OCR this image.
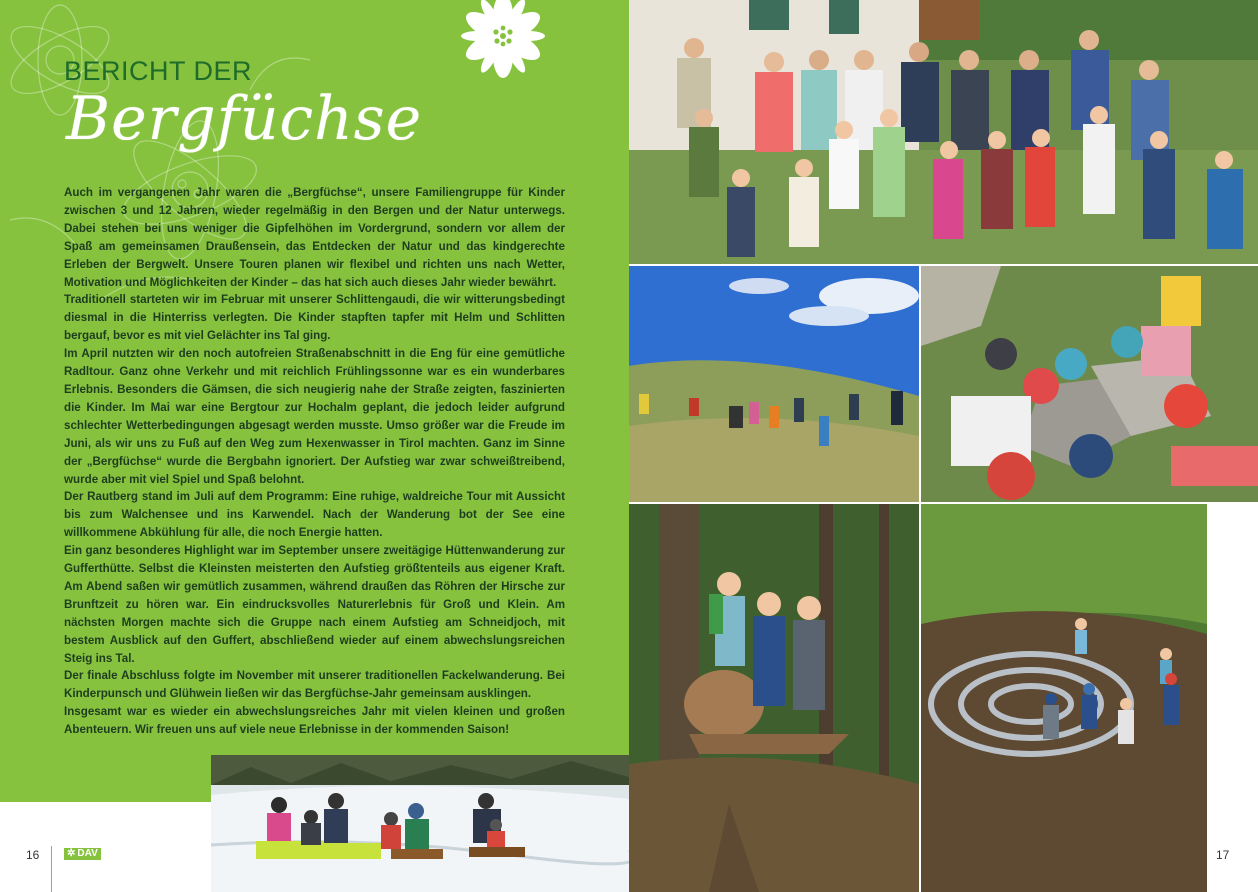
BERICHT DER
Bergfüchse

Auch im vergangenen Jahr waren die „Bergfüchse“, unsere Familiengruppe für Kinder zwischen 3 und 12 Jahren, wieder regelmäßig in den Bergen und der Natur unterwegs. Dabei stehen bei uns weniger die Gipfelhöhen im Vordergrund, sondern vor allem der Spaß am gemeinsamen Draußensein, das Entdecken der Natur und das kindgerechte Erleben der Bergwelt. Unsere Touren planen wir flexibel und richten uns nach Wetter, Motivation und Möglichkeiten der Kinder – das hat sich auch dieses Jahr wieder bewährt.

Traditionell starteten wir im Februar mit unserer Schlittengaudi, die wir witterungsbedingt diesmal in die Hinterriss verlegten. Die Kinder stapften tapfer mit Helm und Schlitten bergauf, bevor es mit viel Gelächter ins Tal ging.

Im April nutzten wir den noch autofreien Straßenabschnitt in die Eng für eine gemütliche Radltour. Ganz ohne Verkehr und mit reichlich Frühlingssonne war es ein wunderbares Erlebnis. Besonders die Gämsen, die sich neugierig nahe der Straße zeigten, faszinierten die Kinder. Im Mai war eine Bergtour zur Hochalm geplant, die jedoch leider aufgrund schlechter Wetterbedingungen abgesagt werden musste. Umso größer war die Freude im Juni, als wir uns zu Fuß auf den Weg zum Hexenwasser in Tirol machten. Ganz im Sinne der „Bergfüchse“ wurde die Bergbahn ignoriert. Der Aufstieg war zwar schweißtreibend, wurde aber mit viel Spiel und Spaß belohnt.

Der Rautberg stand im Juli auf dem Programm: Eine ruhige, waldreiche Tour mit Aussicht bis zum Walchensee und ins Karwendel. Nach der Wanderung bot der See eine willkommene Abkühlung für alle, die noch Energie hatten.

Ein ganz besonderes Highlight war im September unsere zweitägige Hüttenwanderung zur Gufferthütte. Selbst die Kleinsten meisterten den Aufstieg größtenteils aus eigener Kraft. Am Abend saßen wir gemütlich zusammen, während draußen das Röhren der Hirsche zur Brunftzeit zu hören war. Ein eindrucksvolles Naturerlebnis für Groß und Klein. Am nächsten Morgen machte sich die Gruppe nach einem Aufstieg am Schneidjoch, mit bestem Ausblick auf den Guffert, abschließend wieder auf einem abwechslungsreichen Steig ins Tal.

Der finale Abschluss folgte im November mit unserer traditionellen Fackelwanderung. Bei Kinderpunsch und Glühwein ließen wir das Bergfüchse-Jahr gemeinsam ausklingen.

Insgesamt war es wieder ein abwechslungsreiches Jahr mit vielen kleinen und großen Abenteuern. Wir freuen uns auf viele neue Erlebnisse in der kommenden Saison!

16	✲ DAV	17
